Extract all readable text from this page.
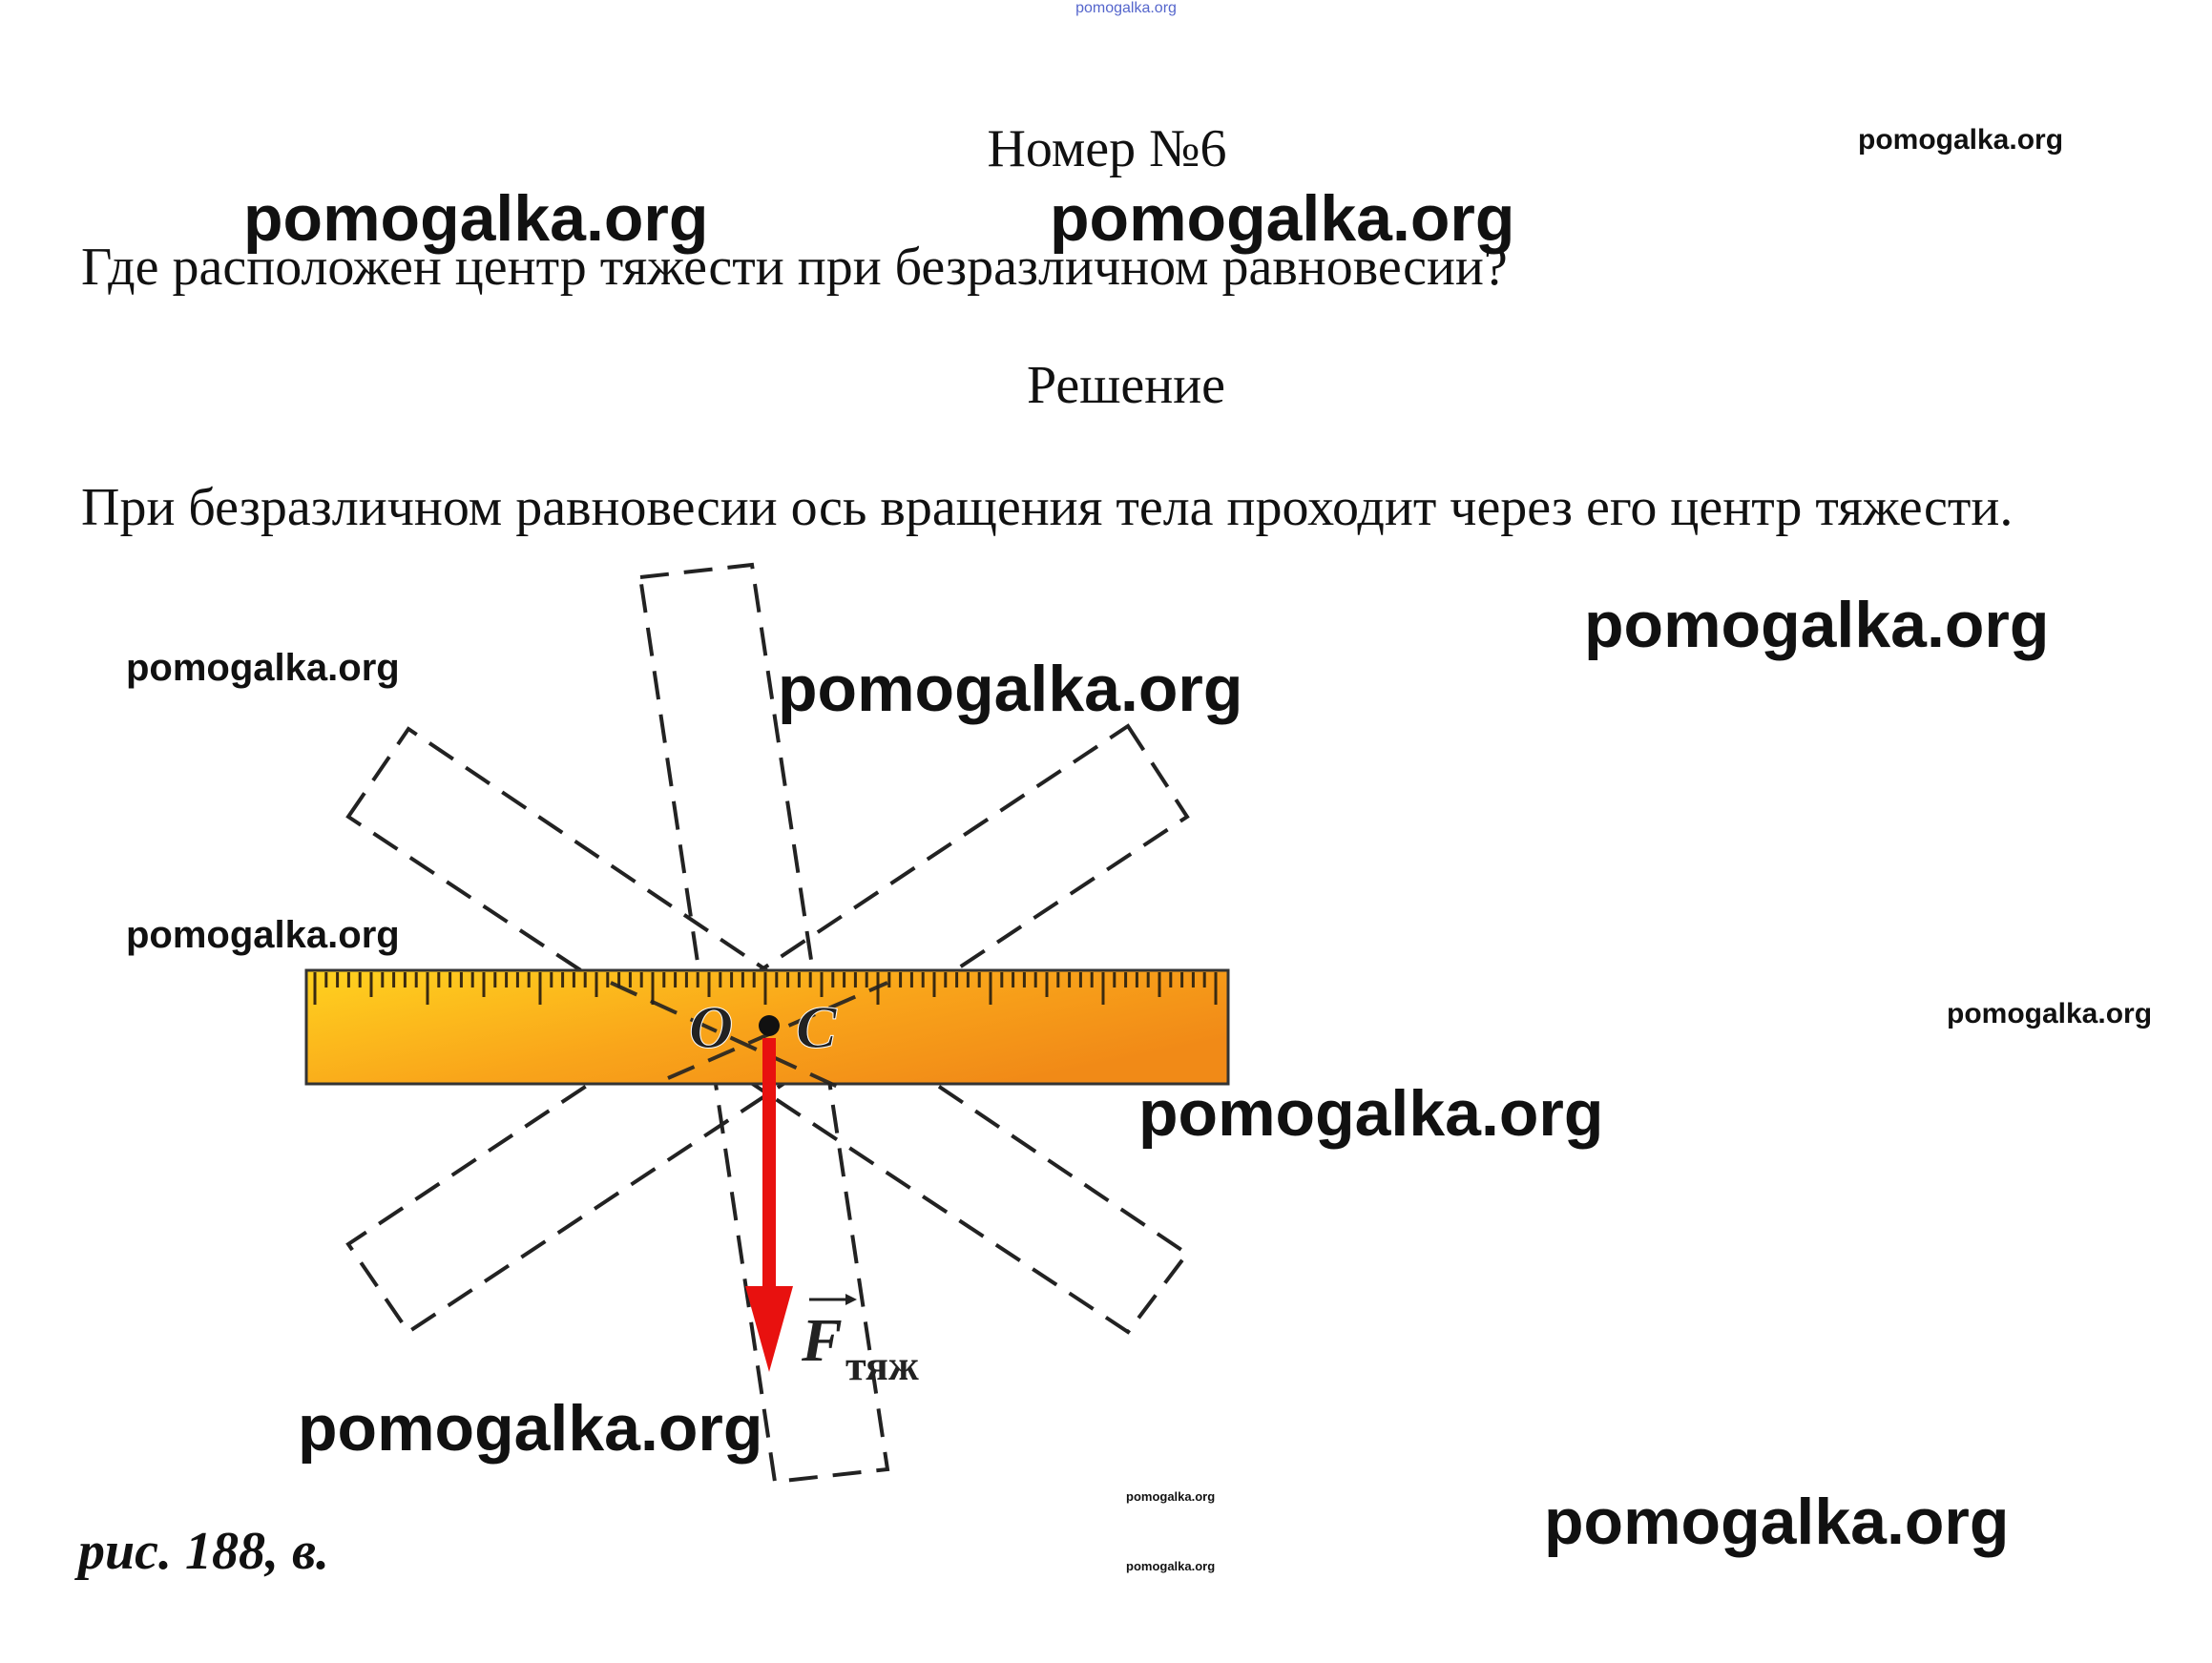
O C
F тяж
pomogalka.org
Номер №6
Где расположен центр тяжести при безразличном равновесии?
Решение
При безразличном равновесии ось вращения тела проходит через его центр тяжести.
рис. 188, в.
pomogalka.org
pomogalka.org	pomogalka.org
pomogalka.org
pomogalka.org	pomogalka.org
pomogalka.org
pomogalka.org
pomogalka.org
pomogalka.org
pomogalka.org
pomogalka.org
pomogalka.org
